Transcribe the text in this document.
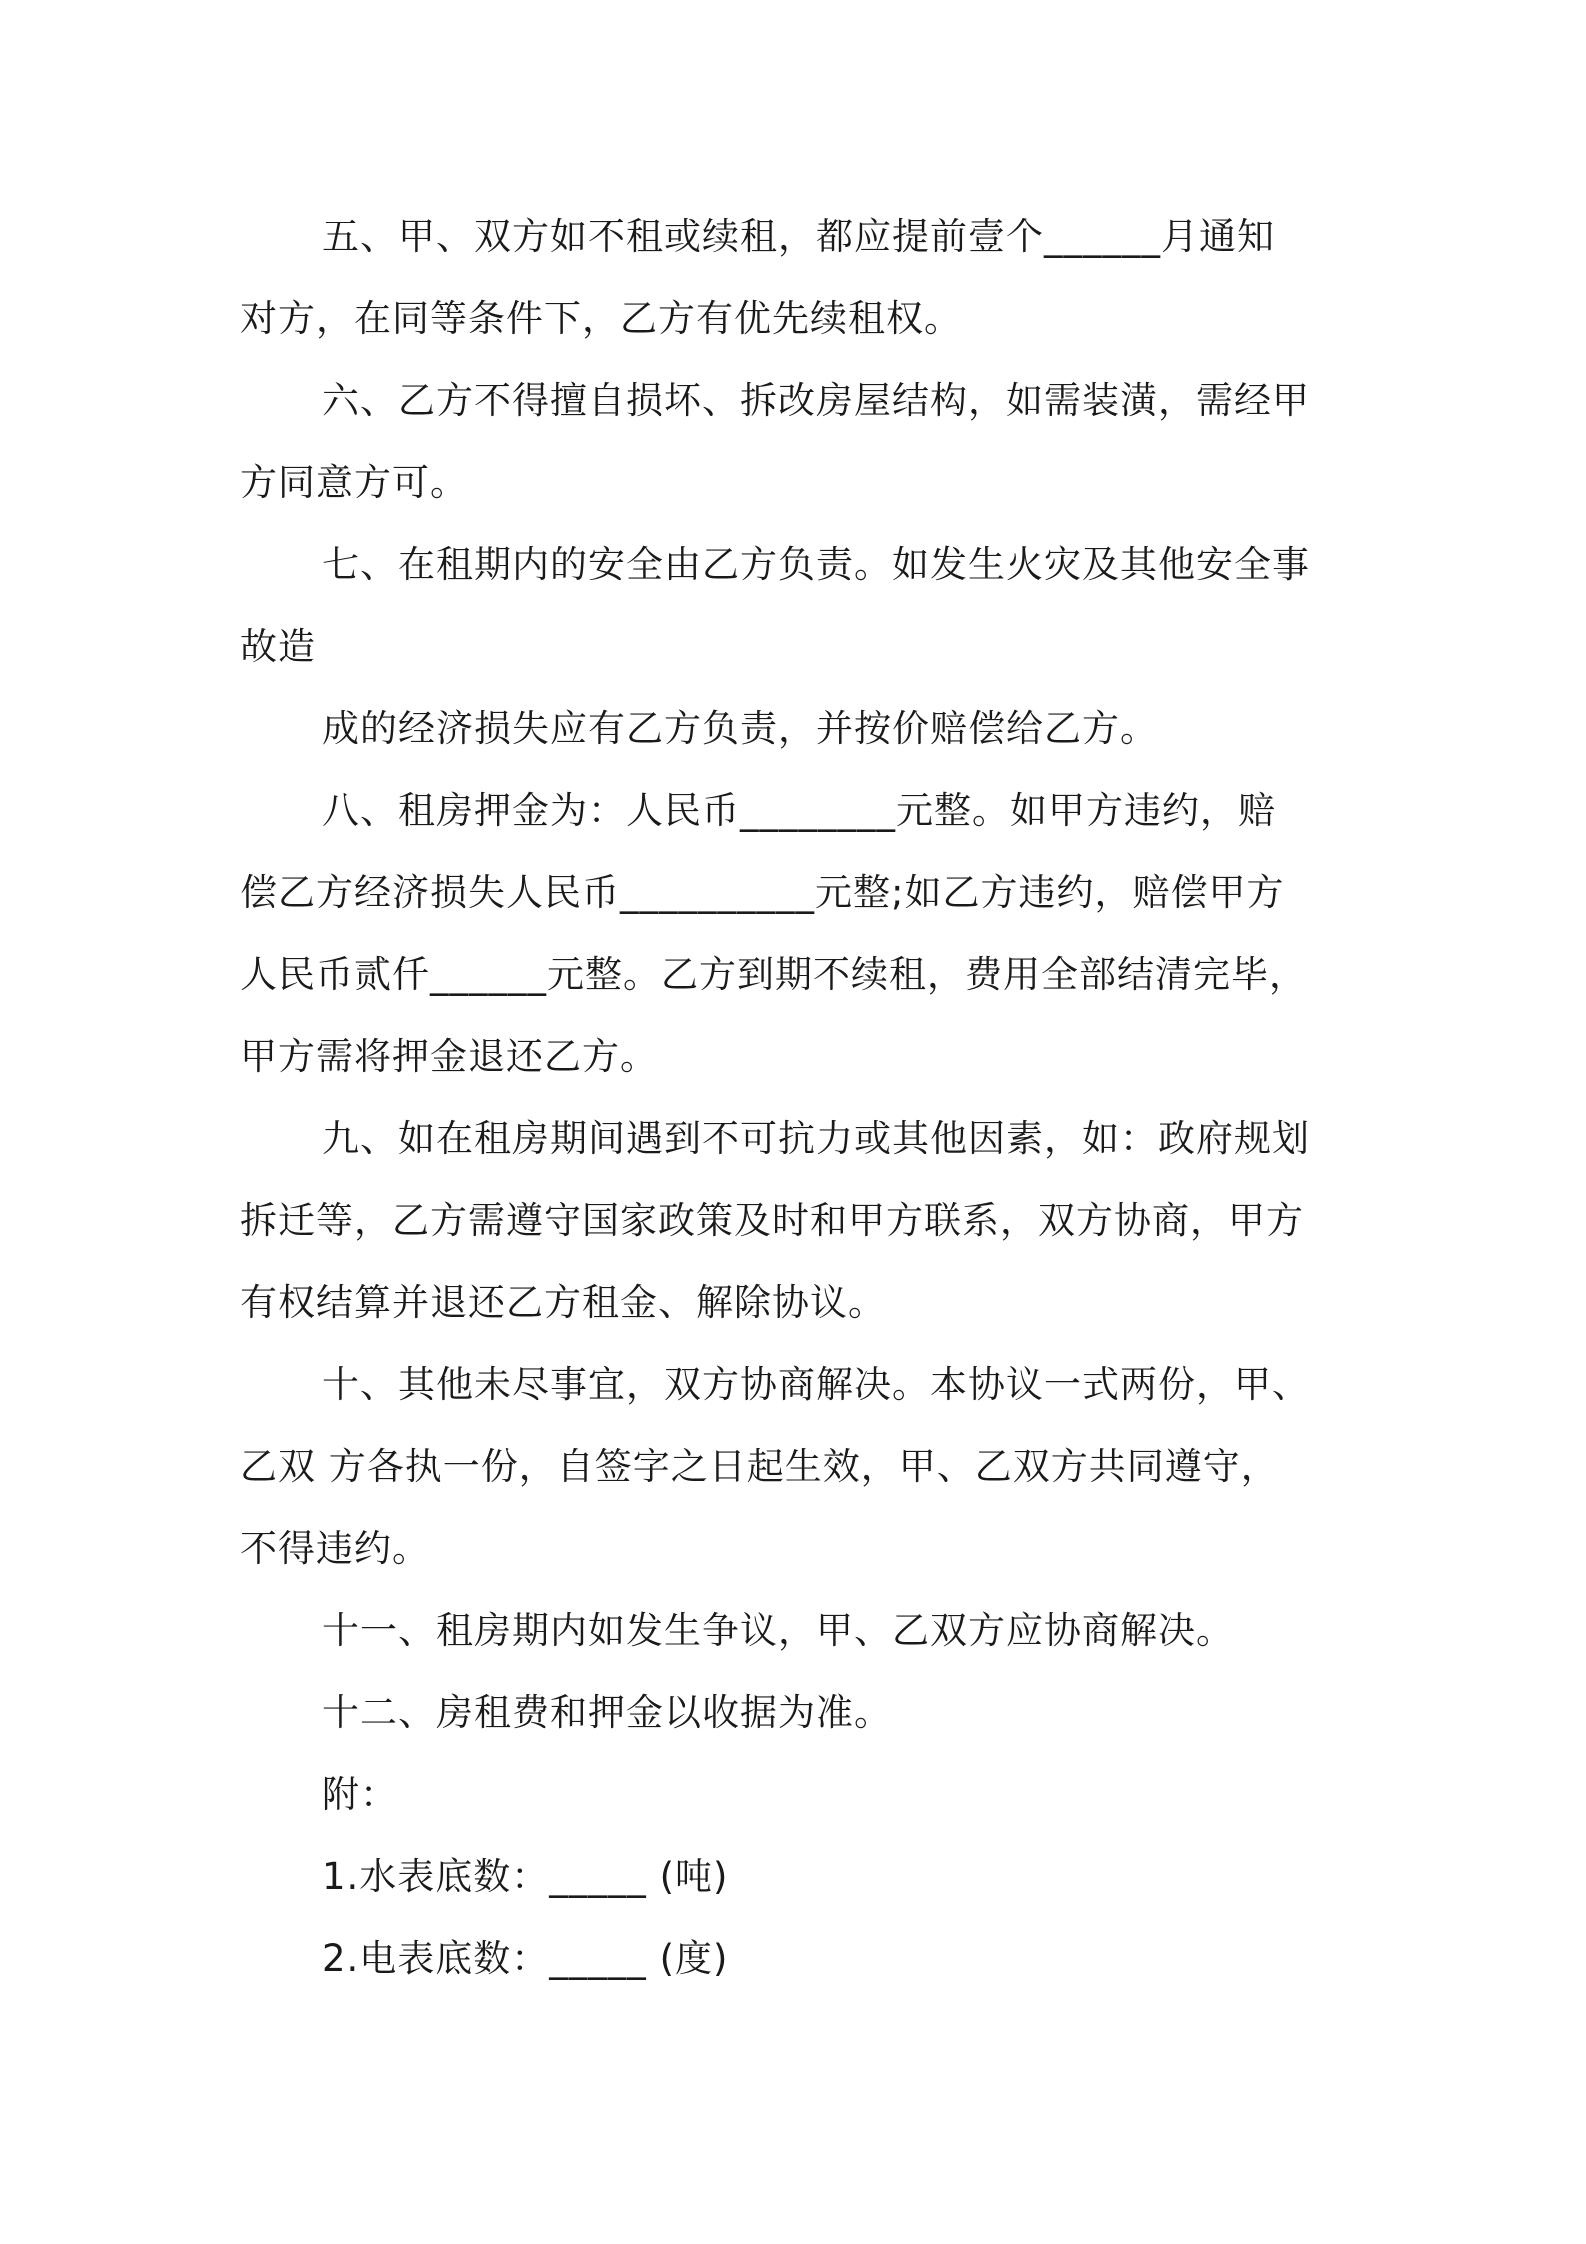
五、甲、双方如不租或续租，都应提前壹个______月通知
对方，在同等条件下，乙方有优先续租权。
六、乙方不得擅自损坏、拆改房屋结构，如需装潢，需经甲
方同意方可。
七、在租期内的安全由乙方负责。如发生火灾及其他安全事
故造
成的经济损失应有乙方负责，并按价赔偿给乙方。
八、租房押金为：人民币________元整。如甲方违约，赔
偿乙方经济损失人民币__________元整;如乙方违约，赔偿甲方
人民币贰仟______元整。乙方到期不续租，费用全部结清完毕，
甲方需将押金退还乙方。
九、如在租房期间遇到不可抗力或其他因素，如：政府规划
拆迁等，乙方需遵守国家政策及时和甲方联系，双方协商，甲方
有权结算并退还乙方租金、解除协议。
十、其他未尽事宜，双方协商解决。本协议一式两份，甲、
乙双 方各执一份，自签字之日起生效，甲、乙双方共同遵守，
不得违约。
十一、租房期内如发生争议，甲、乙双方应协商解决。
十二、房租费和押金以收据为准。
附：
1.水表底数：_____ (吨)
2.电表底数：_____ (度)
